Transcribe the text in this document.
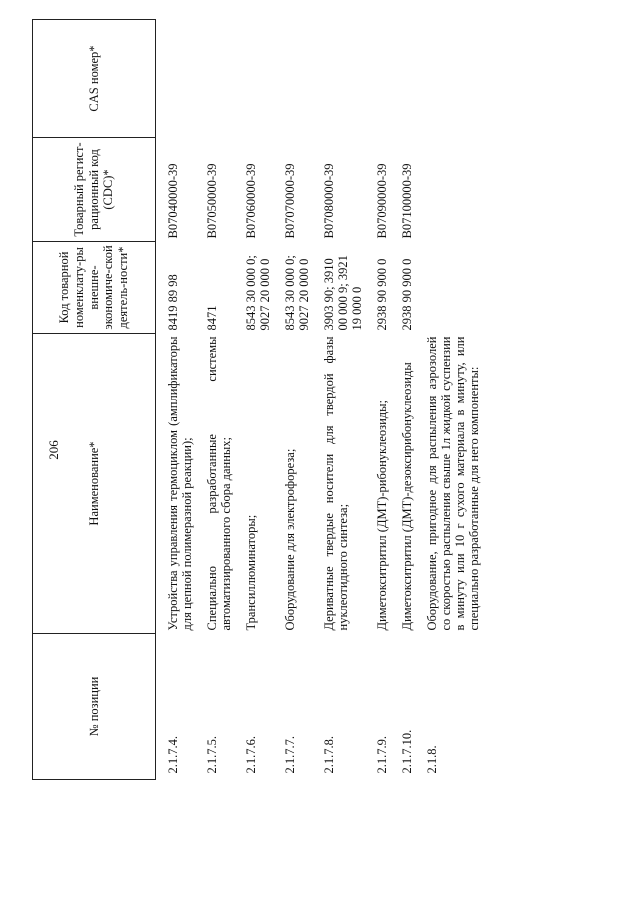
206
№ позиции	Наименование*	Код товарной номенклату-ры внешне-экономиче-ской деятель-ности*	Товарный регист-рационный код (CDC)*	CAS номер*
2.1.7.4.	Устройства управления термоциклом (амплификаторы для цепной полимеразной реакции);	8419 89 98	B07040000-39	
2.1.7.5.	Специально разработанные системы автоматизированного сбора данных;	8471	B07050000-39	
2.1.7.6.	Трансиллюминаторы;	8543 30 000 0; 9027 20 000 0	B07060000-39	
2.1.7.7.	Оборудование для электрофореза;	8543 30 000 0; 9027 20 000 0	B07070000-39	
2.1.7.8.	Дериватные твердые носители для твердой фазы нуклеотидного синтеза;	3903 90; 3910 00 000 9; 3921 19 000 0	B07080000-39	
2.1.7.9.	Диметокситритил (ДМТ)-рибонуклеозиды;	2938 90 900 0	B07090000-39	
2.1.7.10.	Диметокситритил (ДМТ)-дезоксирибонуклеозиды	2938 90 900 0	B07100000-39	
2.1.8.	Оборудование, пригодное для распыления аэрозолей со скоростью распыления свыше 1л жидкой суспензии в минуту или 10 г сухого материала в минуту, или специально разработанные для него компоненты:			
